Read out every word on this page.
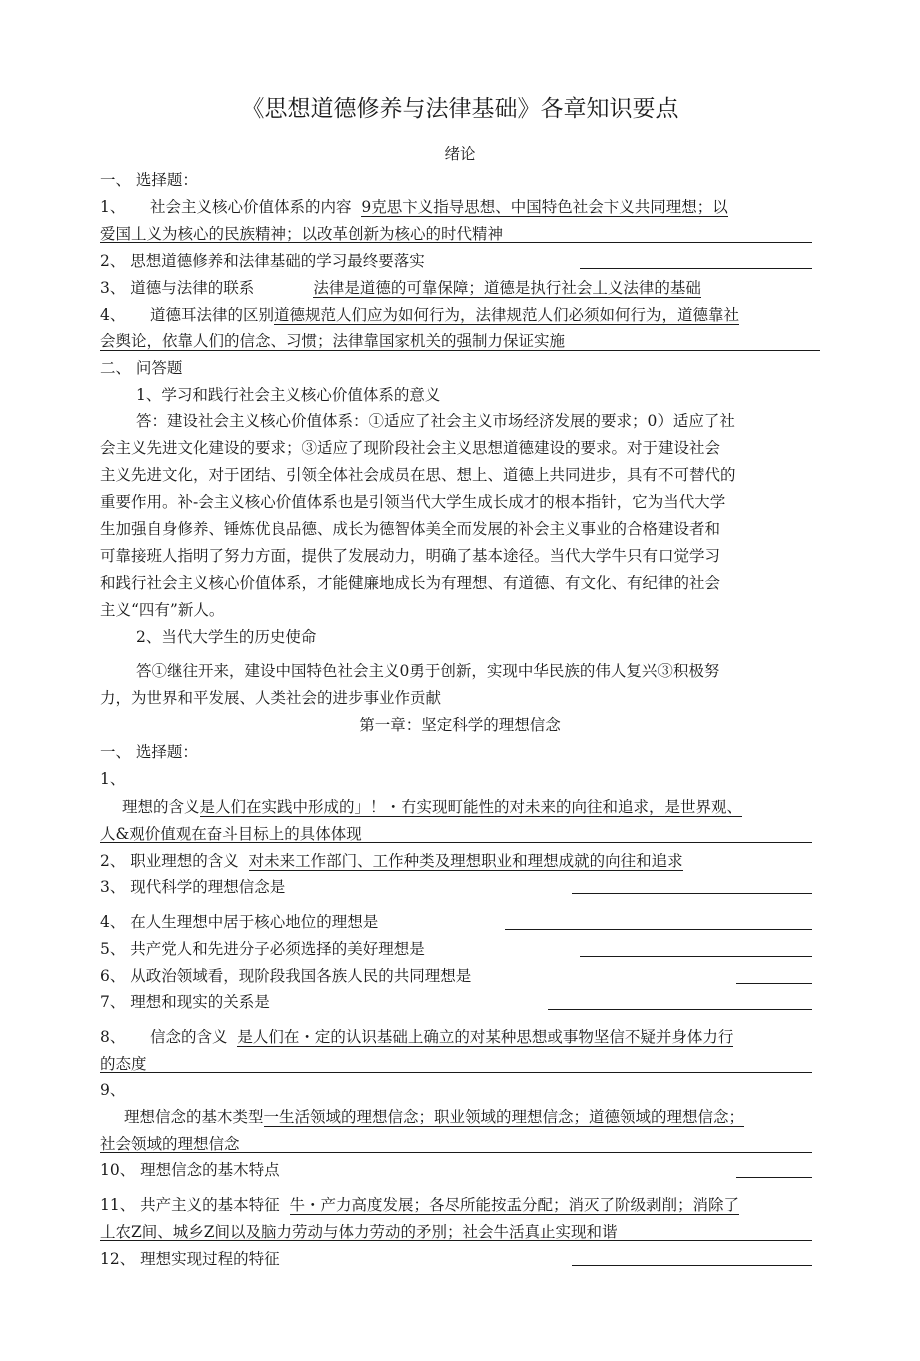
《思想道德修养与法律基础》各章知识要点
绪论
一、 选择题：
1、 社会主义核心价值体系的内容 9克思卞义指导思想、中国特色社会卞义共同理想；以
爱国丄义为核心的民族精神；以改革创新为核心的时代精神
2、 思想道德修养和法律基础的学习最终要落实
3、 道德与法律的联系	法律是道德的可靠保障；道德是执行社会丄义法律的基础
4、 道德耳法律的区别道德规范人们应为如何行为，法律规范人们必须如何行为，道德靠社
会舆论，依靠人们的信念、习惯；法律靠国家机关的强制力保证实施
二、 问答题
1、学习和践行社会主义核心价值体系的意义
答：建设社会主义核心价值体系：①适应了社会主义市场经济发展的要求；0）适应了社
会主义先进文化建设的要求；③适应了现阶段社会主义思想道德建设的要求。对于建设社会
主义先进文化，对于团结、引领全体社会成员在思、想上、道德上共同进步，具有不可替代的
重要作用。补-会主义核心价值体系也是引领当代大学生成长成才的根本指针，它为当代大学
生加强自身修养、锤炼优良品德、成长为德智体美全而发展的补会主义事业的合格建设者和
可靠接班人指明了努力方面，提供了发展动力，明确了基本途径。当代大学牛只有口觉学习
和践行社会主义核心价值体系，才能健廉地成长为有理想、有道德、有文化、有纪律的社会
主义“四有”新人。
2、当代大学生的历史使命
答①继往开来，建设中国特色社会主义0勇于创新，实现中华民族的伟人复兴③积极努
力，为世界和平发展、人类社会的进步事业作贡献
第一章：坚定科学的理想信念
一、 选择题：
1、
理想的含义是人们在实践中形成的」！・冇实现町能性的对未来的向往和追求，是世界观、
人&观价值观在奋斗目标上的具体体现
2、 职业理想的含义 对未来工作部门、工作种类及理想职业和理想成就的向往和追求
3、 现代科学的理想信念是
4、 在人生理想中居于核心地位的理想是
5、 共产党人和先进分子必须选择的美好理想是
6、 从政治领域看，现阶段我国各族人民的共同理想是
7、 理想和现实的关系是
8、 信念的含义 是人们在・定的认识基础上确立的对某种思想或事物坚信不疑并身体力行
的态度
9、
理想信念的基木类型一生活领域的理想信念；职业领域的理想信念；道德领域的理想信念；
社会领域的理想信念
10、 理想信念的基木特点
11、 共产主义的基本特征 牛・产力高度发展；各尽所能按盂分配；消灭了阶级剥削；消除了
丄农Z间、城乡Z间以及脑力劳动与体力劳动的矛別；社会牛活真止实现和谐
12、 理想实现过程的特征
